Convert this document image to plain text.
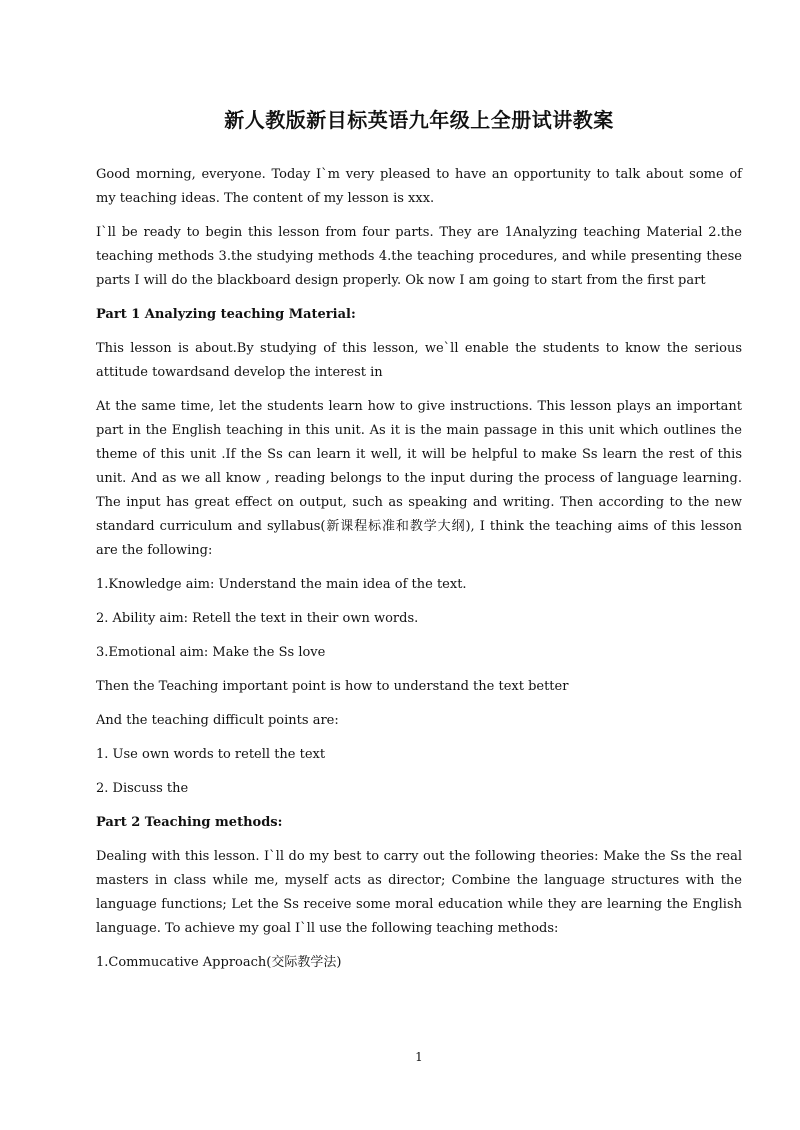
新人教版新目标英语九年级上全册试讲教案

Good morning, everyone. Today I`m very pleased to have an opportunity to talk about some of my teaching ideas. The content of my lesson is xxx.

I`ll be ready to begin this lesson from four parts. They are 1Analyzing teaching Material 2.the teaching methods 3.the studying methods 4.the teaching procedures, and while presenting these parts I will do the blackboard design properly. Ok now I am going to start from the first part

Part 1 Analyzing teaching Material:

This lesson is about.By studying of this lesson, we`ll enable the students to know the serious attitude towardsand develop the interest in

At the same time, let the students learn how to give instructions. This lesson plays an important part in the English teaching in this unit. As it is the main passage in this unit which outlines the theme of this unit .If the Ss can learn it well, it will be helpful to make Ss learn the rest of this unit. And as we all know , reading belongs to the input during the process of language learning. The input has great effect on output, such as speaking and writing. Then according to the new standard curriculum and syllabus(新课程标准和教学大纲), I think the teaching aims of this lesson are the following:

1.Knowledge aim: Understand the main idea of the text.

2. Ability aim: Retell the text in their own words.

3.Emotional aim: Make the Ss love

Then the Teaching important point is how to understand the text better

And the teaching difficult points are:

1. Use own words to retell the text

2. Discuss the

Part 2 Teaching methods:

Dealing with this lesson. I`ll do my best to carry out the following theories: Make the Ss the real masters in class while me, myself acts as director; Combine the language structures with the language functions; Let the Ss receive some moral education while they are learning the English language. To achieve my goal I`ll use the following teaching methods:

1.Commucative Approach(交际教学法)

1
